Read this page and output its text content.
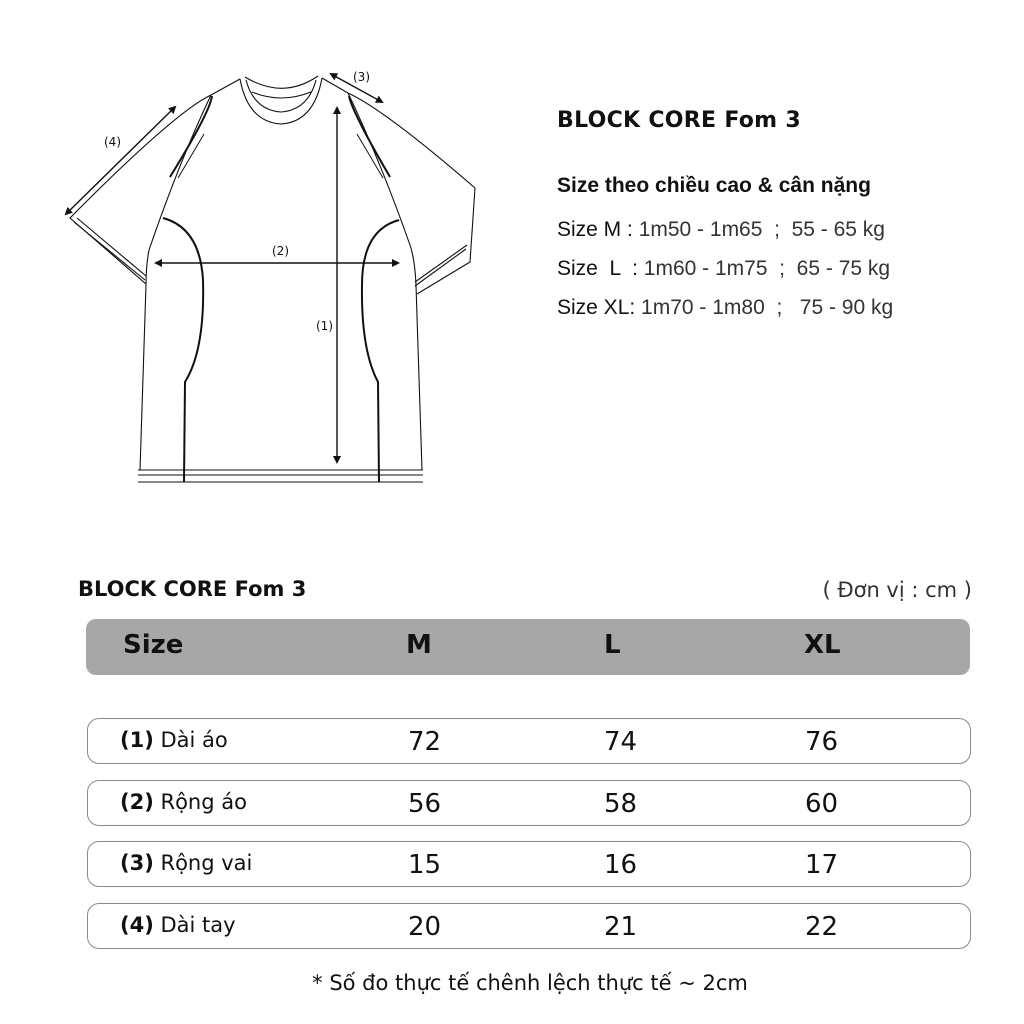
(1)
(2)
(3)
(4)
BLOCK CORE Fom 3
Size theo chiều cao & cân nặng
Size M : 1m50 - 1m65  ;  55 - 65 kg
Size  L  : 1m60 - 1m75  ;  65 - 75 kg
Size XL: 1m70 - 1m80  ;   75 - 90 kg
BLOCK CORE Fom 3	( Đơn vị : cm )
Size	M	L	XL
(1) Dài áo	72	74	76
(2) Rộng áo	56	58	60
(3) Rộng vai	15	16	17
(4) Dài tay	20	21	22
* Số đo thực tế chênh lệch thực tế ~ 2cm
